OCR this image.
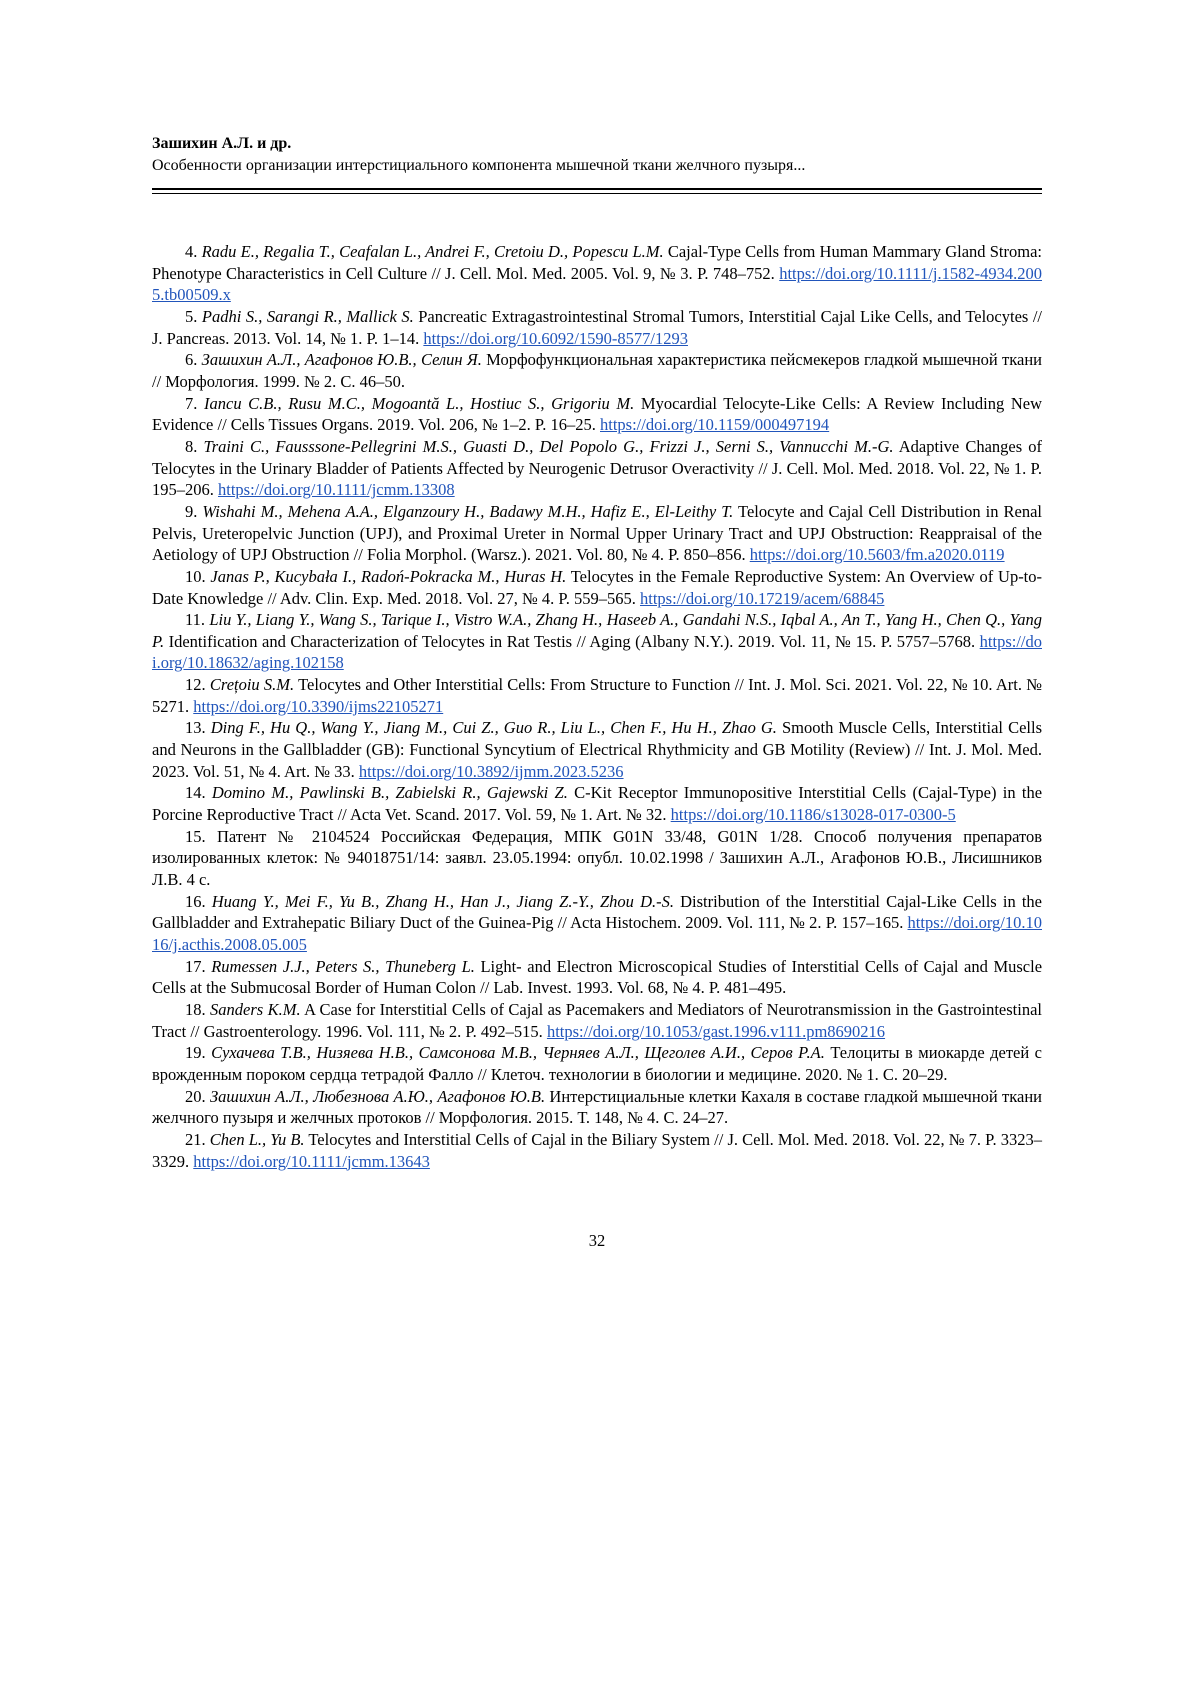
Зашихин А.Л. и др.
Особенности организации интерстициального компонента мышечной ткани желчного пузыря...

4. Radu E., Regalia T., Ceafalan L., Andrei F., Cretoiu D., Popescu L.M. Cajal-Type Cells from Human Mammary Gland Stroma: Phenotype Characteristics in Cell Culture // J. Cell. Mol. Med. 2005. Vol. 9, № 3. P. 748–752. https://doi.org/10.1111/j.1582-4934.2005.tb00509.x

5. Padhi S., Sarangi R., Mallick S. Pancreatic Extragastrointestinal Stromal Tumors, Interstitial Cajal Like Cells, and Telocytes // J. Pancreas. 2013. Vol. 14, № 1. P. 1–14. https://doi.org/10.6092/1590-8577/1293

6. Зашихин А.Л., Агафонов Ю.В., Селин Я. Морфофункциональная характеристика пейсмекеров гладкой мышечной ткани // Морфология. 1999. № 2. С. 46–50.

7. Iancu C.B., Rusu M.C., Mogoantă L., Hostiuc S., Grigoriu M. Myocardial Telocyte-Like Cells: A Review Including New Evidence // Cells Tissues Organs. 2019. Vol. 206, № 1–2. P. 16–25. https://doi.org/10.1159/000497194

8. Traini C., Fausssone-Pellegrini M.S., Guasti D., Del Popolo G., Frizzi J., Serni S., Vannucchi M.-G. Adaptive Changes of Telocytes in the Urinary Bladder of Patients Affected by Neurogenic Detrusor Overactivity // J. Cell. Mol. Med. 2018. Vol. 22, № 1. P. 195–206. https://doi.org/10.1111/jcmm.13308

9. Wishahi M., Mehena A.A., Elganzoury H., Badawy M.H., Hafiz E., El-Leithy T. Telocyte and Cajal Cell Distribution in Renal Pelvis, Ureteropelvic Junction (UPJ), and Proximal Ureter in Normal Upper Urinary Tract and UPJ Obstruction: Reappraisal of the Aetiology of UPJ Obstruction // Folia Morphol. (Warsz.). 2021. Vol. 80, № 4. P. 850–856. https://doi.org/10.5603/fm.a2020.0119

10. Janas P., Kucybała I., Radoń-Pokracka M., Huras H. Telocytes in the Female Reproductive System: An Overview of Up-to-Date Knowledge // Adv. Clin. Exp. Med. 2018. Vol. 27, № 4. P. 559–565. https://doi.org/10.17219/acem/68845

11. Liu Y., Liang Y., Wang S., Tarique I., Vistro W.A., Zhang H., Haseeb A., Gandahi N.S., Iqbal A., An T., Yang H., Chen Q., Yang P. Identification and Characterization of Telocytes in Rat Testis // Aging (Albany N.Y.). 2019. Vol. 11, № 15. P. 5757–5768. https://doi.org/10.18632/aging.102158

12. Crețoiu S.M. Telocytes and Other Interstitial Cells: From Structure to Function // Int. J. Mol. Sci. 2021. Vol. 22, № 10. Art. № 5271. https://doi.org/10.3390/ijms22105271

13. Ding F., Hu Q., Wang Y., Jiang M., Cui Z., Guo R., Liu L., Chen F., Hu H., Zhao G. Smooth Muscle Cells, Interstitial Cells and Neurons in the Gallbladder (GB): Functional Syncytium of Electrical Rhythmicity and GB Motility (Review) // Int. J. Mol. Med. 2023. Vol. 51, № 4. Art. № 33. https://doi.org/10.3892/ijmm.2023.5236

14. Domino M., Pawlinski B., Zabielski R., Gajewski Z. C-Kit Receptor Immunopositive Interstitial Cells (Cajal-Type) in the Porcine Reproductive Tract // Acta Vet. Scand. 2017. Vol. 59, № 1. Art. № 32. https://doi.org/10.1186/s13028-017-0300-5

15. Патент № 2104524 Российская Федерация, МПК G01N 33/48, G01N 1/28. Способ получения препаратов изолированных клеток: № 94018751/14: заявл. 23.05.1994: опубл. 10.02.1998 / Зашихин А.Л., Агафонов Ю.В., Лисишников Л.В. 4 с.

16. Huang Y., Mei F., Yu B., Zhang H., Han J., Jiang Z.-Y., Zhou D.-S. Distribution of the Interstitial Cajal-Like Cells in the Gallbladder and Extrahepatic Biliary Duct of the Guinea-Pig // Acta Histochem. 2009. Vol. 111, № 2. P. 157–165. https://doi.org/10.1016/j.acthis.2008.05.005

17. Rumessen J.J., Peters S., Thuneberg L. Light- and Electron Microscopical Studies of Interstitial Cells of Cajal and Muscle Cells at the Submucosal Border of Human Colon // Lab. Invest. 1993. Vol. 68, № 4. P. 481–495.

18. Sanders K.M. A Case for Interstitial Cells of Cajal as Pacemakers and Mediators of Neurotransmission in the Gastrointestinal Tract // Gastroenterology. 1996. Vol. 111, № 2. P. 492–515. https://doi.org/10.1053/gast.1996.v111.pm8690216

19. Сухачева Т.В., Низяева Н.В., Самсонова М.В., Черняев А.Л., Щеголев А.И., Серов Р.А. Телоциты в миокарде детей с врожденным пороком сердца тетрадой Фалло // Клеточ. технологии в биологии и медицине. 2020. № 1. С. 20–29.

20. Зашихин А.Л., Любезнова А.Ю., Агафонов Ю.В. Интерстициальные клетки Кахаля в составе гладкой мышечной ткани желчного пузыря и желчных протоков // Морфология. 2015. Т. 148, № 4. С. 24–27.

21. Chen L., Yu B. Telocytes and Interstitial Cells of Cajal in the Biliary System // J. Cell. Mol. Med. 2018. Vol. 22, № 7. P. 3323–3329. https://doi.org/10.1111/jcmm.13643

32
